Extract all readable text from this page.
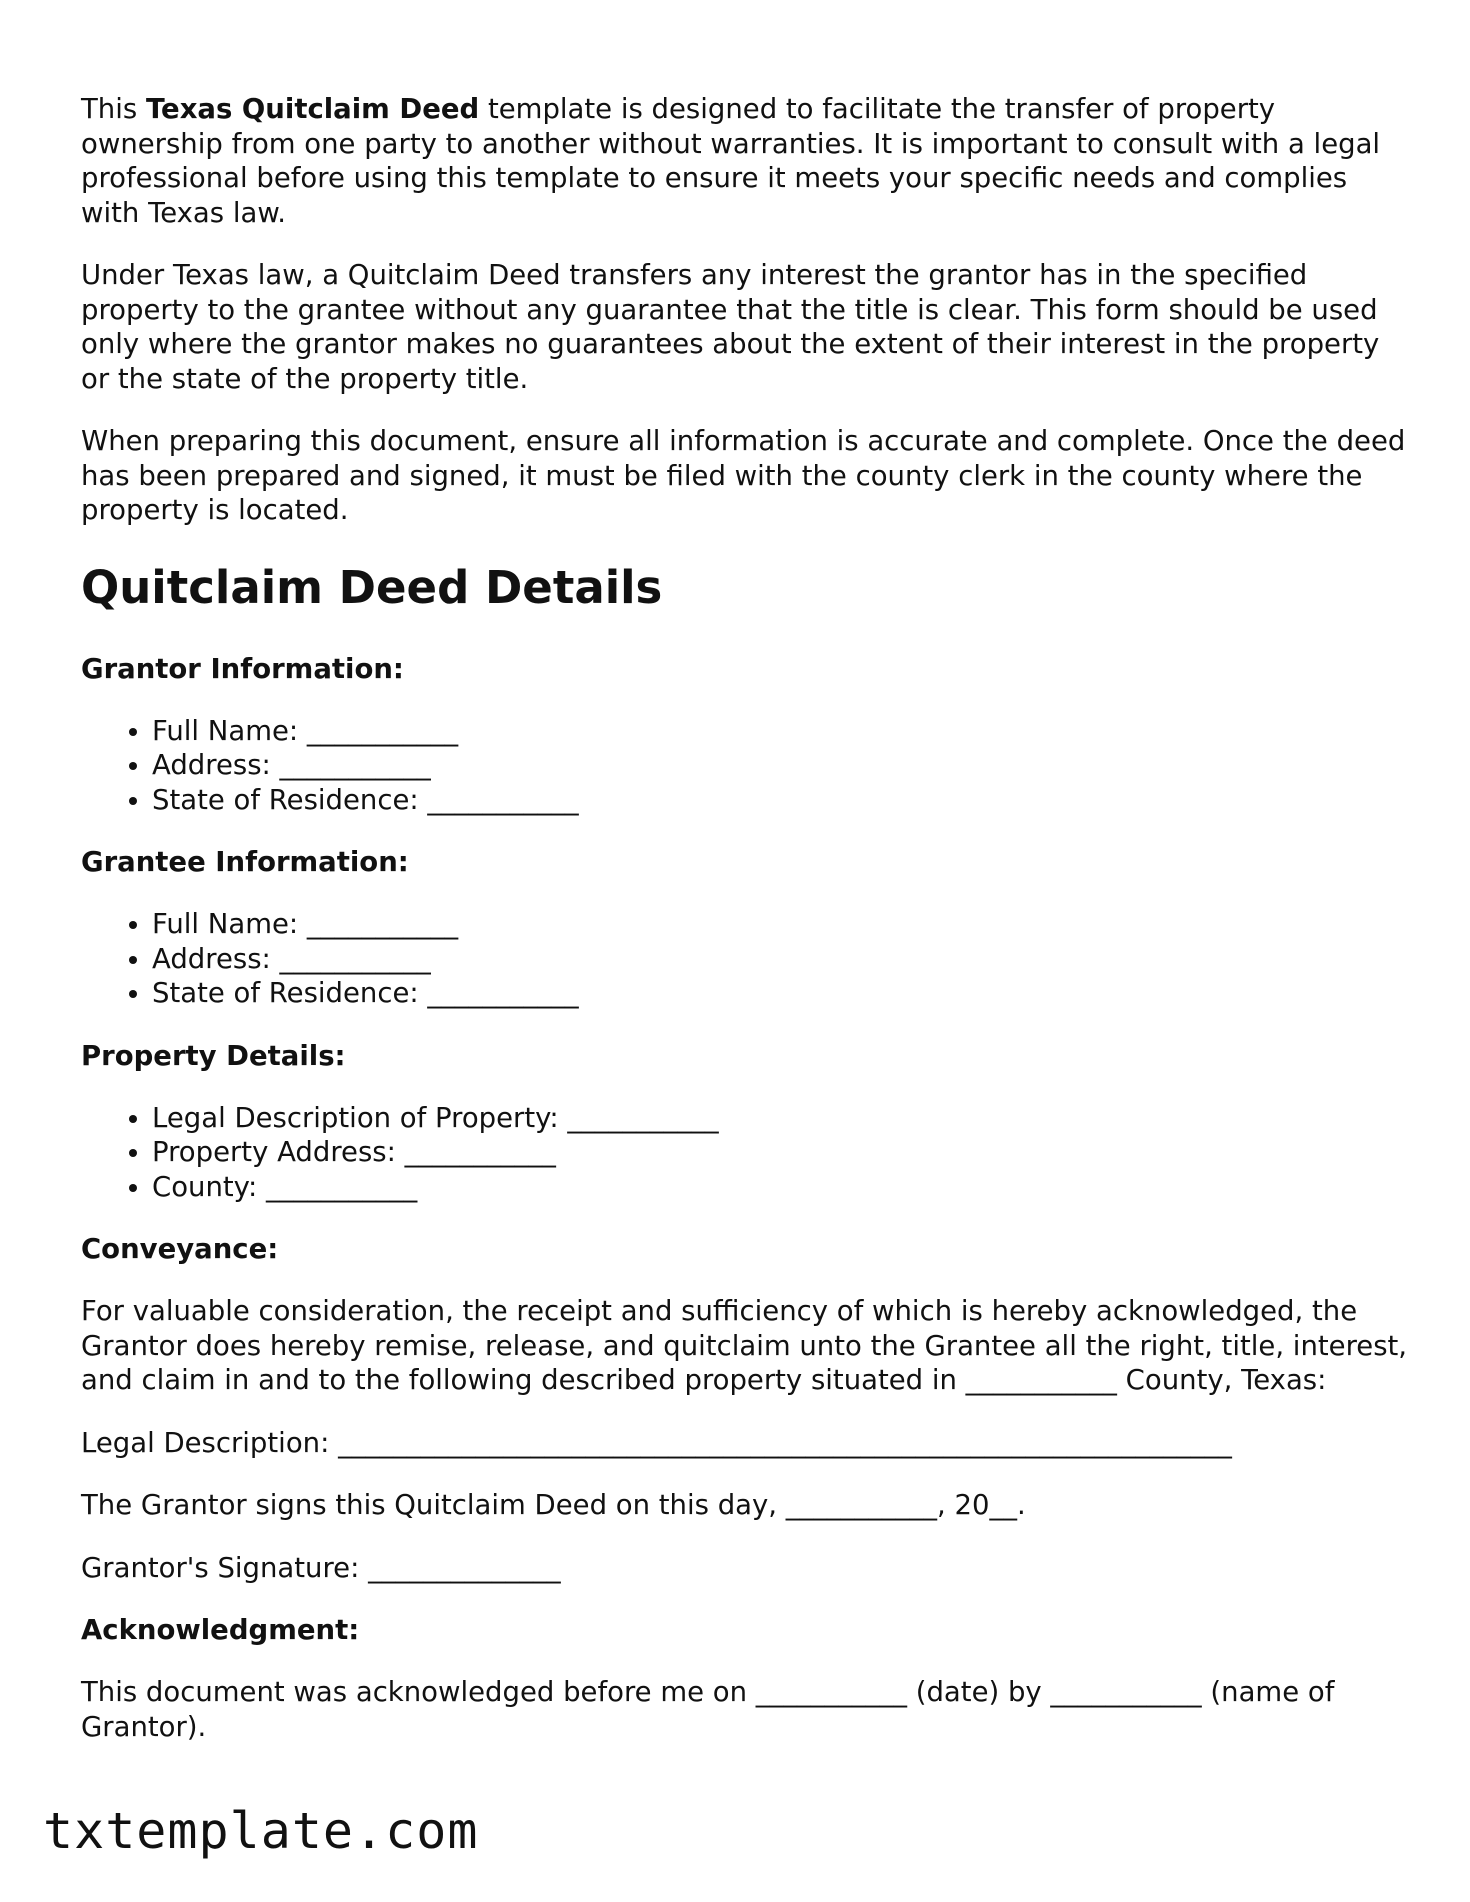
This Texas Quitclaim Deed template is designed to facilitate the transfer of property ownership from one party to another without warranties. It is important to consult with a legal professional before using this template to ensure it meets your specific needs and complies with Texas law.

Under Texas law, a Quitclaim Deed transfers any interest the grantor has in the specified property to the grantee without any guarantee that the title is clear. This form should be used only where the grantor makes no guarantees about the extent of their interest in the property or the state of the property title.

When preparing this document, ensure all information is accurate and complete. Once the deed has been prepared and signed, it must be filed with the county clerk in the county where the property is located.

Quitclaim Deed Details
Grantor Information:
• Full Name: ___________
• Address: ___________
• State of Residence: ___________
Grantee Information:
• Full Name: ___________
• Address: ___________
• State of Residence: ___________
Property Details:
• Legal Description of Property: ___________
• Property Address: ___________
• County: ___________
Conveyance:

For valuable consideration, the receipt and sufficiency of which is hereby acknowledged, the Grantor does hereby remise, release, and quitclaim unto the Grantee all the right, title, interest, and claim in and to the following described property situated in ___________ County, Texas:

Legal Description: _________________________________________________________________

The Grantor signs this Quitclaim Deed on this day, ___________, 20__.

Grantor's Signature: ______________

Acknowledgment:

This document was acknowledged before me on ___________ (date) by ___________ (name of Grantor).

txtemplate.com
